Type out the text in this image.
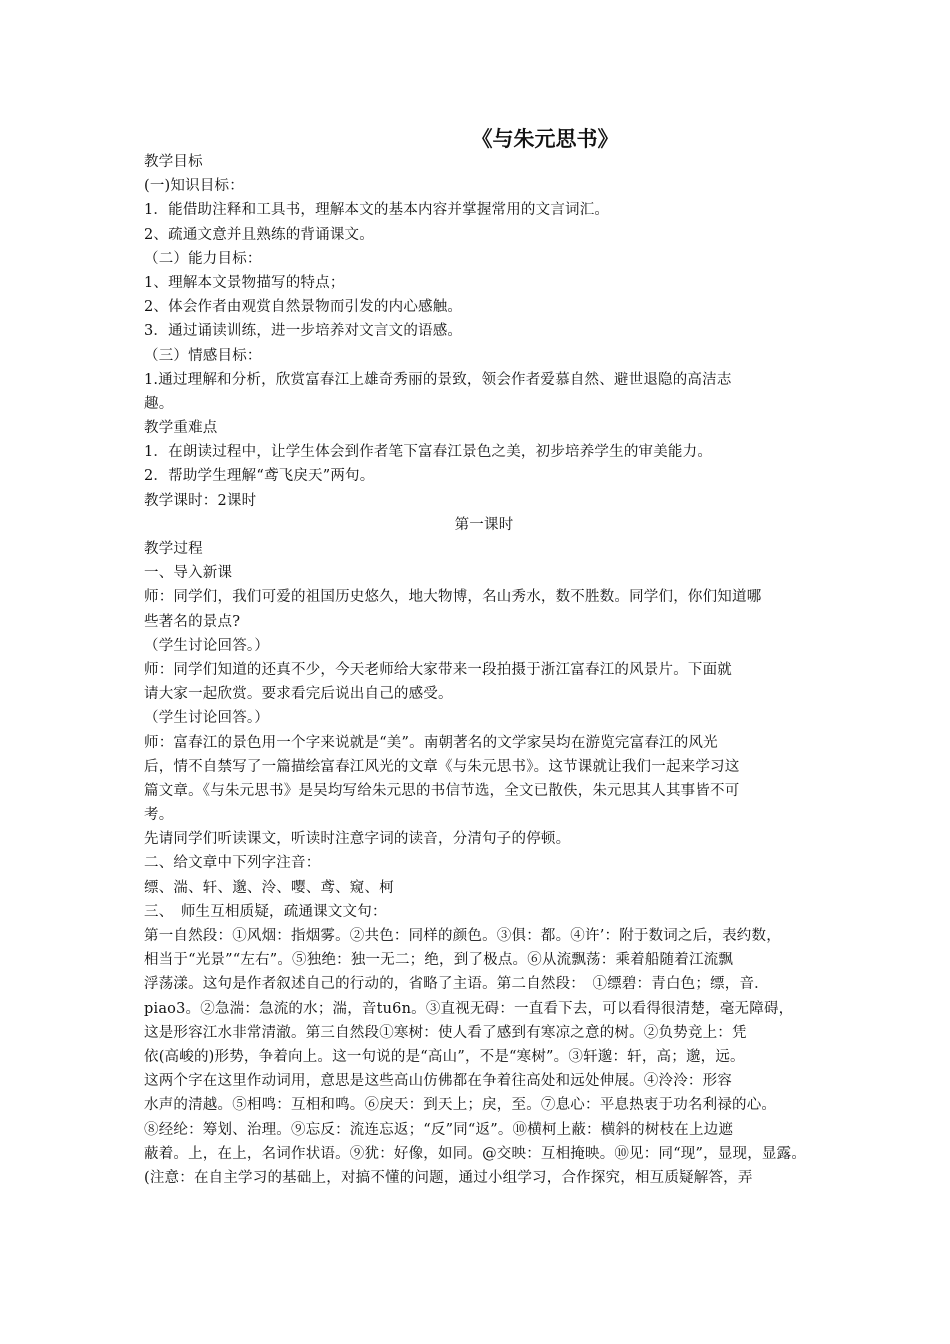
《与朱元思书》
教学目标
(一)知识目标：
1．能借助注释和工具书，理解本文的基本内容并掌握常用的文言词汇。
2、疏通文意并且熟练的背诵课文。
（二）能力目标：
1、理解本文景物描写的特点；
2、体会作者由观赏自然景物而引发的内心感触。
3．通过诵读训练，进一步培养对文言文的语感。
（三）情感目标：
1.通过理解和分析，欣赏富春江上雄奇秀丽的景致，领会作者爱慕自然、避世退隐的高洁志
趣。
教学重难点
1．在朗读过程中，让学生体会到作者笔下富春江景色之美，初步培养学生的审美能力。
2．帮助学生理解“鸢飞戾天”两句。
教学课时：2课时
第一课时
教学过程
一、导入新课
师：同学们，我们可爱的祖国历史悠久，地大物博，名山秀水，数不胜数。同学们，你们知道哪
些著名的景点?
（学生讨论回答。）
师：同学们知道的还真不少，今天老师给大家带来一段拍摄于浙江富春江的风景片。下面就
请大家一起欣赏。要求看完后说出自己的感受。
（学生讨论回答。）
师：富春江的景色用一个字来说就是“美”。南朝著名的文学家吴均在游览完富春江的风光
后，情不自禁写了一篇描绘富春江风光的文章《与朱元思书》。这节课就让我们一起来学习这
篇文章。《与朱元思书》是吴均写给朱元思的书信节选，全文已散佚，朱元思其人其事皆不可
考。
先请同学们听读课文，听读时注意字词的读音，分清句子的停顿。
二、给文章中下列字注音：
缥、湍、轩、邈、泠、嘤、鸢、窥、柯
三、　师生互相质疑，疏通课文文句：
第一自然段：①风烟：指烟雾。②共色：同样的颜色。③俱：都。④许’：附于数词之后，表约数，
相当于“光景”“左右”。⑤独绝：独一无二；绝，到了极点。⑥从流飘荡：乘着船随着江流飘
浮荡漾。这句是作者叙述自己的行动的，省略了主语。第二自然段：　①缥碧：青白色；缥，音．
piao3。②急湍：急流的水；湍，音tu6n。③直视无碍：一直看下去，可以看得很清楚，毫无障碍，
这是形容江水非常清澈。第三自然段①寒树：使人看了感到有寒凉之意的树。②负势竞上：凭
依(高峻的)形势，争着向上。这一句说的是“高山”，不是“寒树”。③轩邈：轩，高；邈，远。
这两个字在这里作动词用，意思是这些高山仿佛都在争着往高处和远处伸展。④泠泠：形容
水声的清越。⑤相鸣：互相和鸣。⑥戾天：到天上；戾，至。⑦息心：平息热衷于功名利禄的心。
⑧经纶：筹划、治理。⑨忘反：流连忘返；“反”同“返”。⑩横柯上蔽：横斜的树枝在上边遮
蔽着。上，在上，名词作状语。⑨犹：好像，如同。@交映：互相掩映。⑩见：同“现”，显现，显露。
(注意：在自主学习的基础上，对搞不懂的问题，通过小组学习，合作探究，相互质疑解答，弄
